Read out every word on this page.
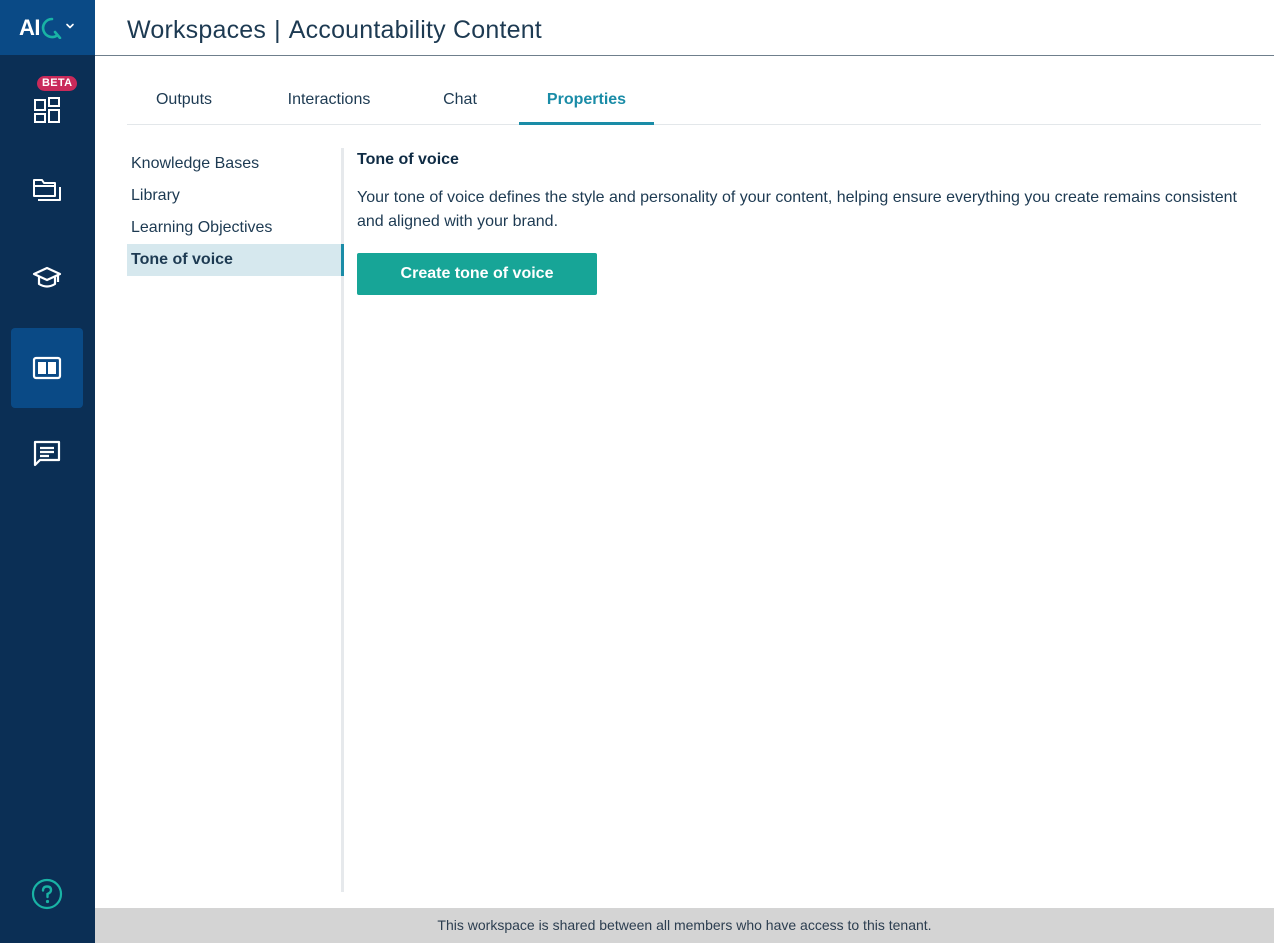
AI
BETA
Workspaces | Accountability Content
Outputs	Interactions	Chat	Properties
Knowledge Bases
Library
Learning Objectives
Tone of voice
Tone of voice

Your tone of voice defines the style and personality of your content, helping ensure everything you create remains consistent and aligned with your brand.

Create tone of voice
This workspace is shared between all members who have access to this tenant.
